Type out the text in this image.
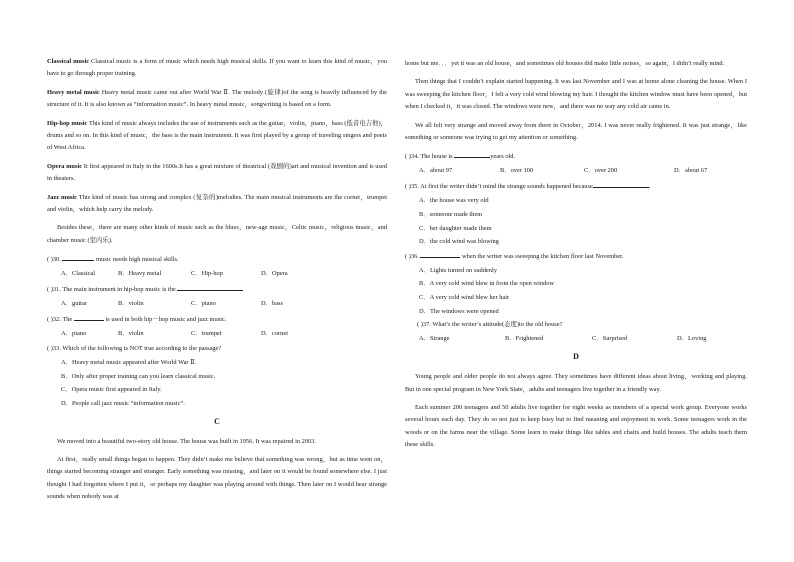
Classical music Classical music is a form of music which needs high musical skills. If you want to learn this kind of music，you have to go through proper training.

Heavy metal music Heavy metal music came out after World War Ⅱ. The melody (旋律)of the song is heavily influenced by the structure of it. It is also known as “information music”. In heavy metal music，songwriting is based on a form.

Hip-hop music This kind of music always includes the use of instruments such as the guitar，violin，piano，bass (低音电吉他)，drums and so on. In this kind of music，the bass is the main instrument. It was first played by a group of traveling singers and poets of West Africa.

Opera music It first appeared in Italy in the 1600s.It has a great mixture of theatrical (戏剧的)art and musical invention and is used in theaters.

Jazz music This kind of music has strong and complex (复杂的)melodies. The main musical instruments are the cornet，trumpet and violin，which help carry the melody.

Besides these，there are many other kinds of music such as the blues，new-age music，Celtic music，religious music，and chamber music (室内乐).

( )30.	music needs high musical skills.

A．Classical	B．Heavy metal	C．Hip-hop	D．Opera

( )31. The main instrument in hip-hop music is the

A．guitar	B．violin	C．piano	D．bass

( )32. The	is used in both hip－hop music and jazz music.

A．piano	B．violin	C．trumpet	D．cornet

( )33. Which of the following is NOT true according to the passage?

A．Heavy metal music appeared after World War Ⅱ.

B．Only after proper training can you learn classical music.

C．Opera music first appeared in Italy.

D．People call jazz music “information music”.

C

We moved into a beautiful two-story old house. The house was built in 1956. It was repaired in 2003.

At first，really small things began to happen. They didn’t make me believe that something was wrong，but as time went on，things started becoming stranger and stranger. Early something was missing，and later on it would be found somewhere else. I just thought I had forgotten where I put it，or perhaps my daughter was playing around with things. Then later on I would hear strange sounds when nobody was at

home but me．．．yet it was an old house，and sometimes old houses did make little noises，so again，I didn’t really mind.

Then things that I couldn’t explain started happening. It was last November and I was at home alone cleaning the house. When I was sweeping the kitchen floor，I felt a very cold wind blowing my hair. I thought the kitchen window must have been opened，but when I checked it，it was closed. The windows were new，and there was no way any cold air came in.

We all felt very strange and moved away from there in October，2014. I was never really frightened. It was just strange，like something or someone was trying to get my attention or something.

( )34. The house is	years old.

A．about 97	B．over 100	C．over 200	D．about 67

( )35. At first the writer didn’t mind the strange sounds happened because	.

A．the house was very old

B．someone made them

C．her daughter made them

D．the cold wind was blowing

( )36.	when the writer was sweeping the kitchen floor last November.

A．Lights turned on suddenly

B．A very cold wind blew in from the open window

C．A very cold wind blew her hair

D．The windows were opened

( )37. What’s the writer’s attitude(态度)to the old house?

A．Strange	B．Frightened	C．Surprised	D．Loving
D

Young people and older people do not always agree. They sometimes have different ideas about living，working and playing. But in one special program in New York State，adults and teenagers live together in a friendly way.

Each summer 200 teenagers and 50 adults live together for eight weeks as members of a special work group. Everyone works several hours each day. They do so not just to keep busy but to find meaning and enjoyment in work. Some teenagers work in the woods or on the farms near the village. Some learn to make things like tables and chairs and build houses. The adults teach them these skills.
